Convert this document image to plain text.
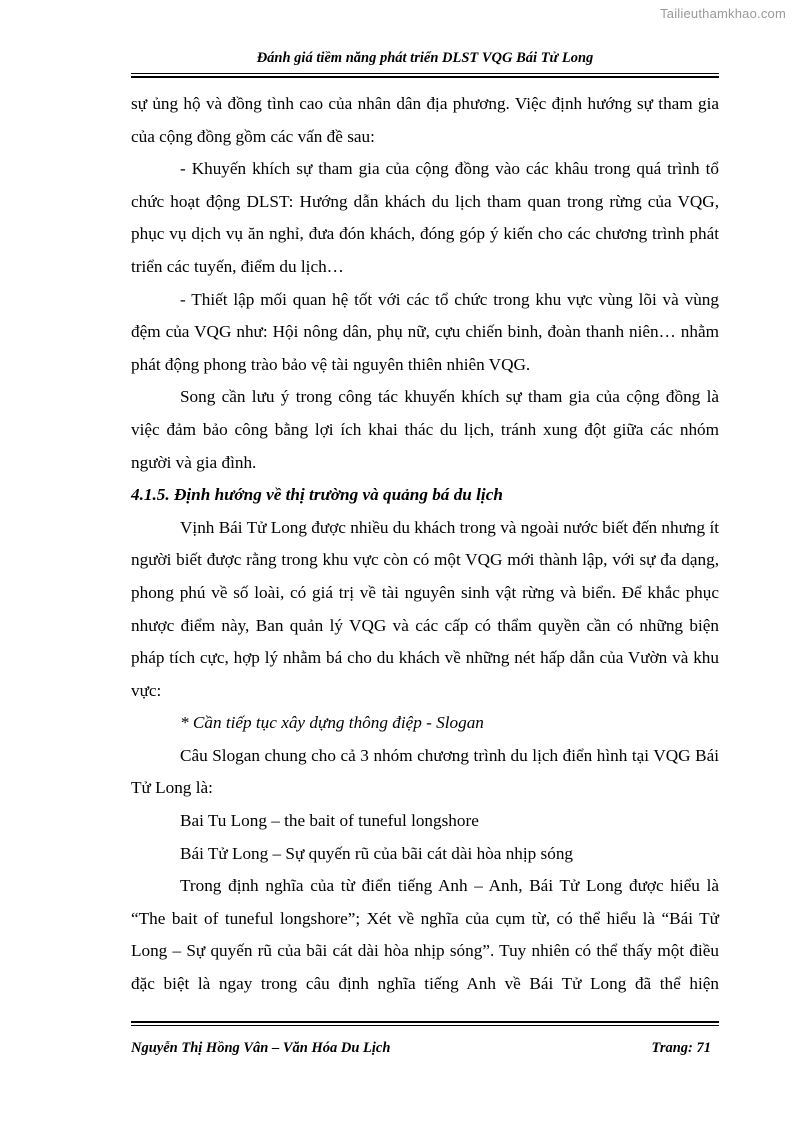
Tailieuthamkhao.com
Đánh giá tiềm năng phát triển DLST VQG Bái Tử Long

sự ủng hộ và đồng tình cao của nhân dân địa phương. Việc định hướng sự tham gia của cộng đồng gồm các vấn đề sau:

- Khuyến khích sự tham gia của cộng đồng vào các khâu trong quá trình tổ chức hoạt động DLST: Hướng dẫn khách du lịch tham quan trong rừng của VQG, phục vụ dịch vụ ăn nghỉ, đưa đón khách, đóng góp ý kiến cho các chương trình phát triển các tuyến, điểm du lịch…

- Thiết lập mối quan hệ tốt với các tổ chức trong khu vực vùng lõi và vùng đệm của VQG như: Hội nông dân, phụ nữ, cựu chiến binh, đoàn thanh niên… nhằm phát động phong trào bảo vệ tài nguyên thiên nhiên VQG.

Song cần lưu ý trong công tác khuyến khích sự tham gia của cộng đồng là việc đảm bảo công bằng lợi ích khai thác du lịch, tránh xung đột giữa các nhóm người và gia đình.

4.1.5. Định hướng về thị trường và quảng bá du lịch

Vịnh Bái Tử Long được nhiều du khách trong và ngoài nước biết đến nhưng ít người biết được rằng trong khu vực còn có một VQG mới thành lập, với sự đa dạng, phong phú về số loài, có giá trị về tài nguyên sinh vật rừng và biển. Để khắc phục nhược điểm này, Ban quản lý VQG và các cấp có thẩm quyền cần có những biện pháp tích cực, hợp lý nhằm bá cho du khách về những nét hấp dẫn của Vườn và khu vực:

* Cần tiếp tục xây dựng thông điệp - Slogan

Câu Slogan chung cho cả 3 nhóm chương trình du lịch điển hình tại VQG Bái Tử Long là:

Bai Tu Long – the bait of tuneful longshore

Bái Tử Long – Sự quyến rũ của bãi cát dài hòa nhịp sóng

Trong định nghĩa của từ điển tiếng Anh – Anh, Bái Tử Long được hiểu là “The bait of tuneful longshore”; Xét về nghĩa của cụm từ, có thể hiểu là “Bái Tử Long – Sự quyến rũ của bãi cát dài hòa nhịp sóng”. Tuy nhiên có thể thấy một điều đặc biệt là ngay trong câu định nghĩa tiếng Anh về Bái Tử Long đã thể hiện

Nguyễn Thị Hồng Vân – Văn Hóa Du Lịch	Trang: 71
